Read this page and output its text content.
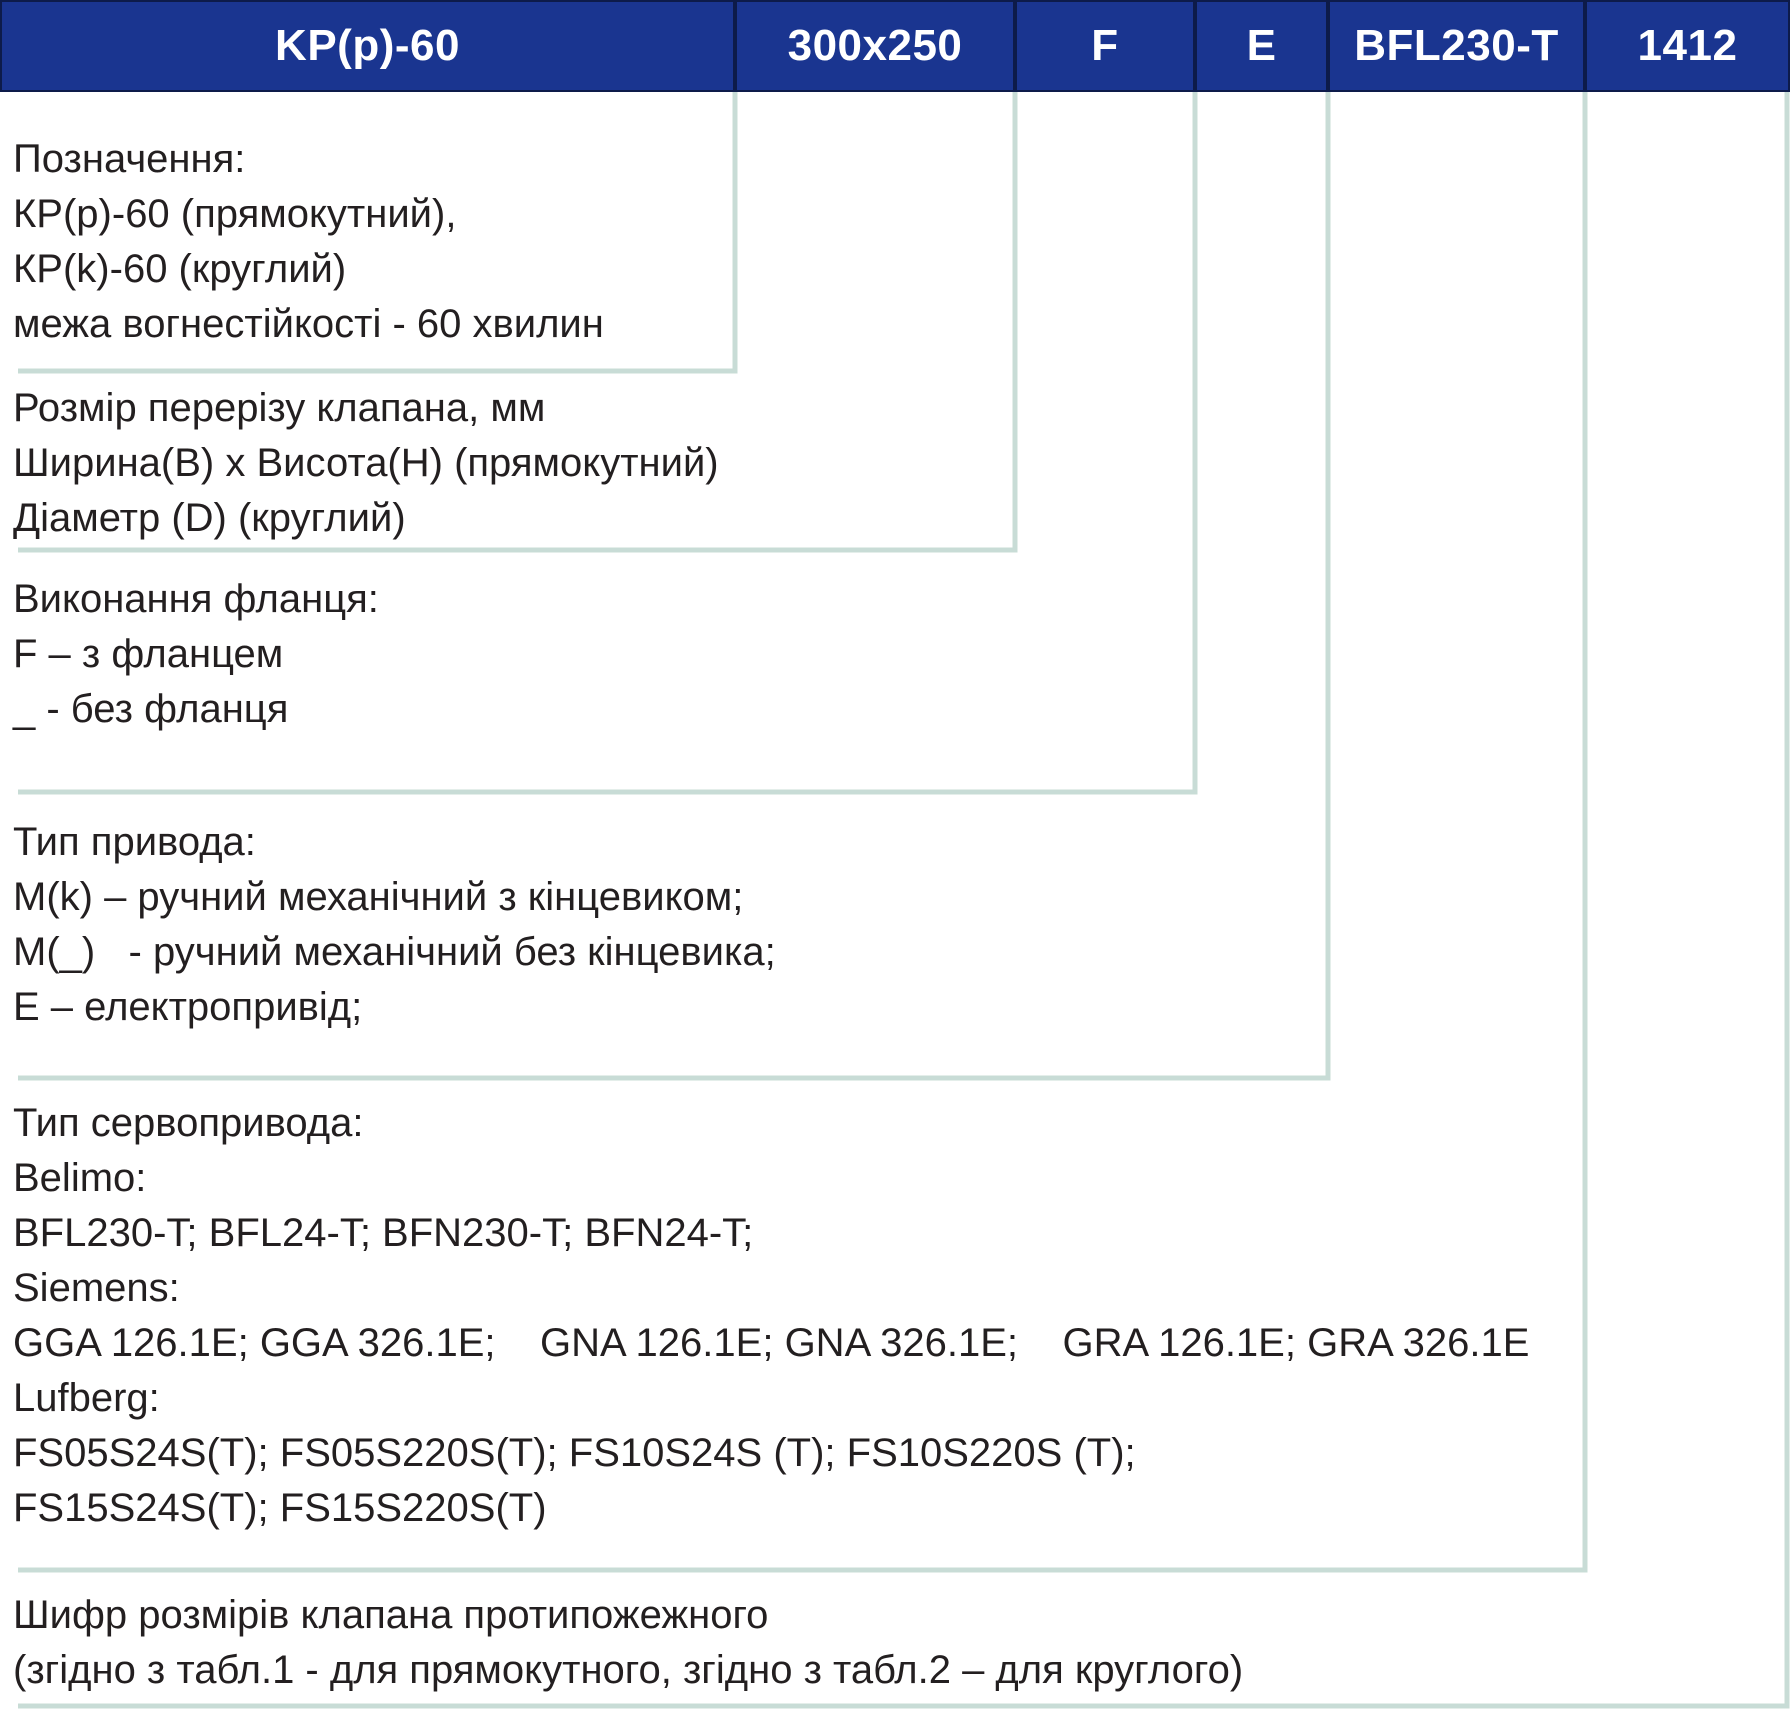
KP(p)-60	300x250	F	E BFL230-T 1412
Позначення:
КР(р)-60 (прямокутний),
КР(k)-60 (круглий)
межа вогнестійкості - 60 хвилин
Розмір перерізу клапана, мм
Ширина(В) х Висота(Н) (прямокутний)
Діаметр (D) (круглий)
Виконання фланця:
F – з фланцем
_ - без фланця
Тип привода:
М(k) – ручний механічний з кінцевиком;
М(_)   - ручний механічний без кінцевика;
Е – електропривід;
Тип сервопривода:
Belimo:
BFL230-T; BFL24-T; BFN230-T; BFN24-T;
Siemens:
GGA 126.1E; GGA 326.1E;    GNA 126.1E; GNA 326.1E;    GRA 126.1E; GRA 326.1E
Lufberg:
FS05S24S(T); FS05S220S(T); FS10S24S (T); FS10S220S (T);
FS15S24S(T); FS15S220S(T)
Шифр розмірів клапана протипожежного
(згідно з табл.1 - для прямокутного, згідно з табл.2 – для круглого)
